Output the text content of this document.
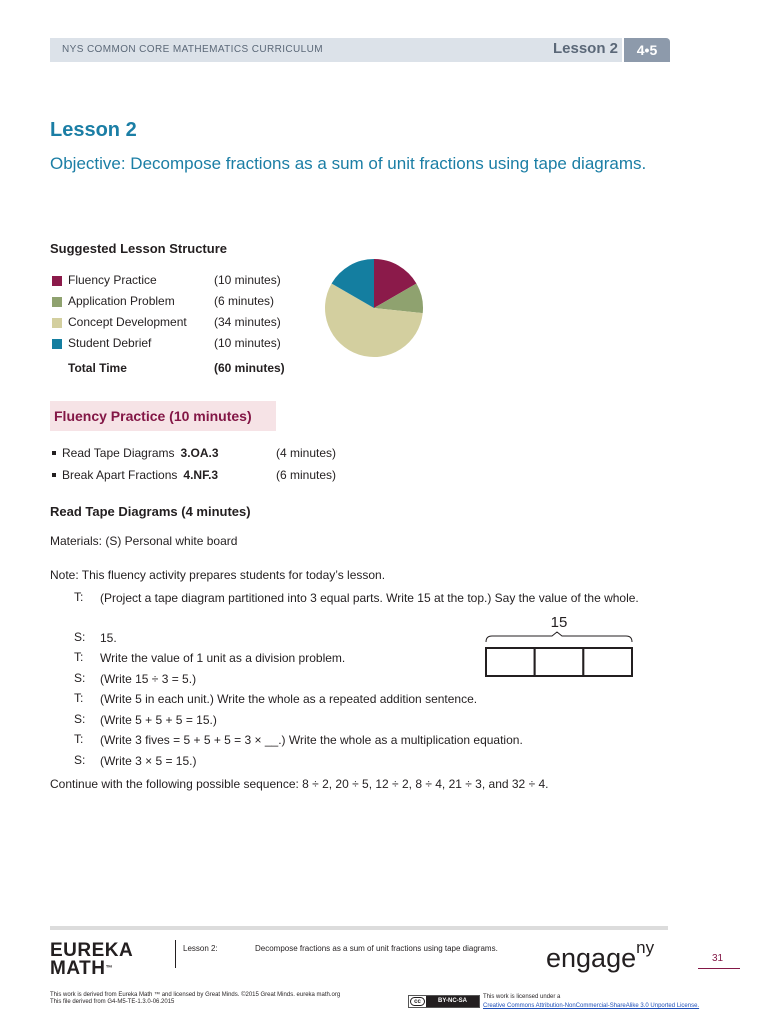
NYS COMMON CORE MATHEMATICS CURRICULUM	Lesson 2	4•5
Lesson 2
Objective: Decompose fractions as a sum of unit fractions using tape diagrams.
Suggested Lesson Structure
Fluency Practice	(10 minutes)
Application Problem	(6 minutes)
Concept Development (34 minutes)
Student Debrief	(10 minutes)
Total Time	(60 minutes)
Fluency Practice (10 minutes)
Read Tape Diagrams 3.OA.3	(4 minutes)
Break Apart Fractions 4.NF.3	(6 minutes)
Read Tape Diagrams (4 minutes)
Materials: (S) Personal white board
Note: This fluency activity prepares students for today’s lesson.
T: (Project a tape diagram partitioned into 3 equal parts. Write 15 at the top.) Say the value of the whole.
S: 15.
T: Write the value of 1 unit as a division problem.
S: (Write 15 ÷ 3 = 5.)
T: (Write 5 in each unit.) Write the whole as a repeated addition sentence.
S: (Write 5 + 5 + 5 = 15.)
T: (Write 3 fives = 5 + 5 + 5 = 3 × __.) Write the whole as a multiplication equation.
S: (Write 3 × 5 = 15.)
15
Continue with the following possible sequence: 8 ÷ 2, 20 ÷ 5, 12 ÷ 2, 8 ÷ 4, 21 ÷ 3, and 32 ÷ 4.
EUREKA
MATH™
Lesson 2:	Decompose fractions as a sum of unit fractions using tape diagrams. engage$^{ny}$
31
This work is derived from Eureka Math ™ and licensed by Great Minds. ©2015 Great Minds. eureka math.org
This file derived from G4-M5-TE-1.3.0-06.2015	cc	BY-NC-SA
This work is licensed under a
Creative Commons Attribution-NonCommercial-ShareAlike 3.0 Unported License.
